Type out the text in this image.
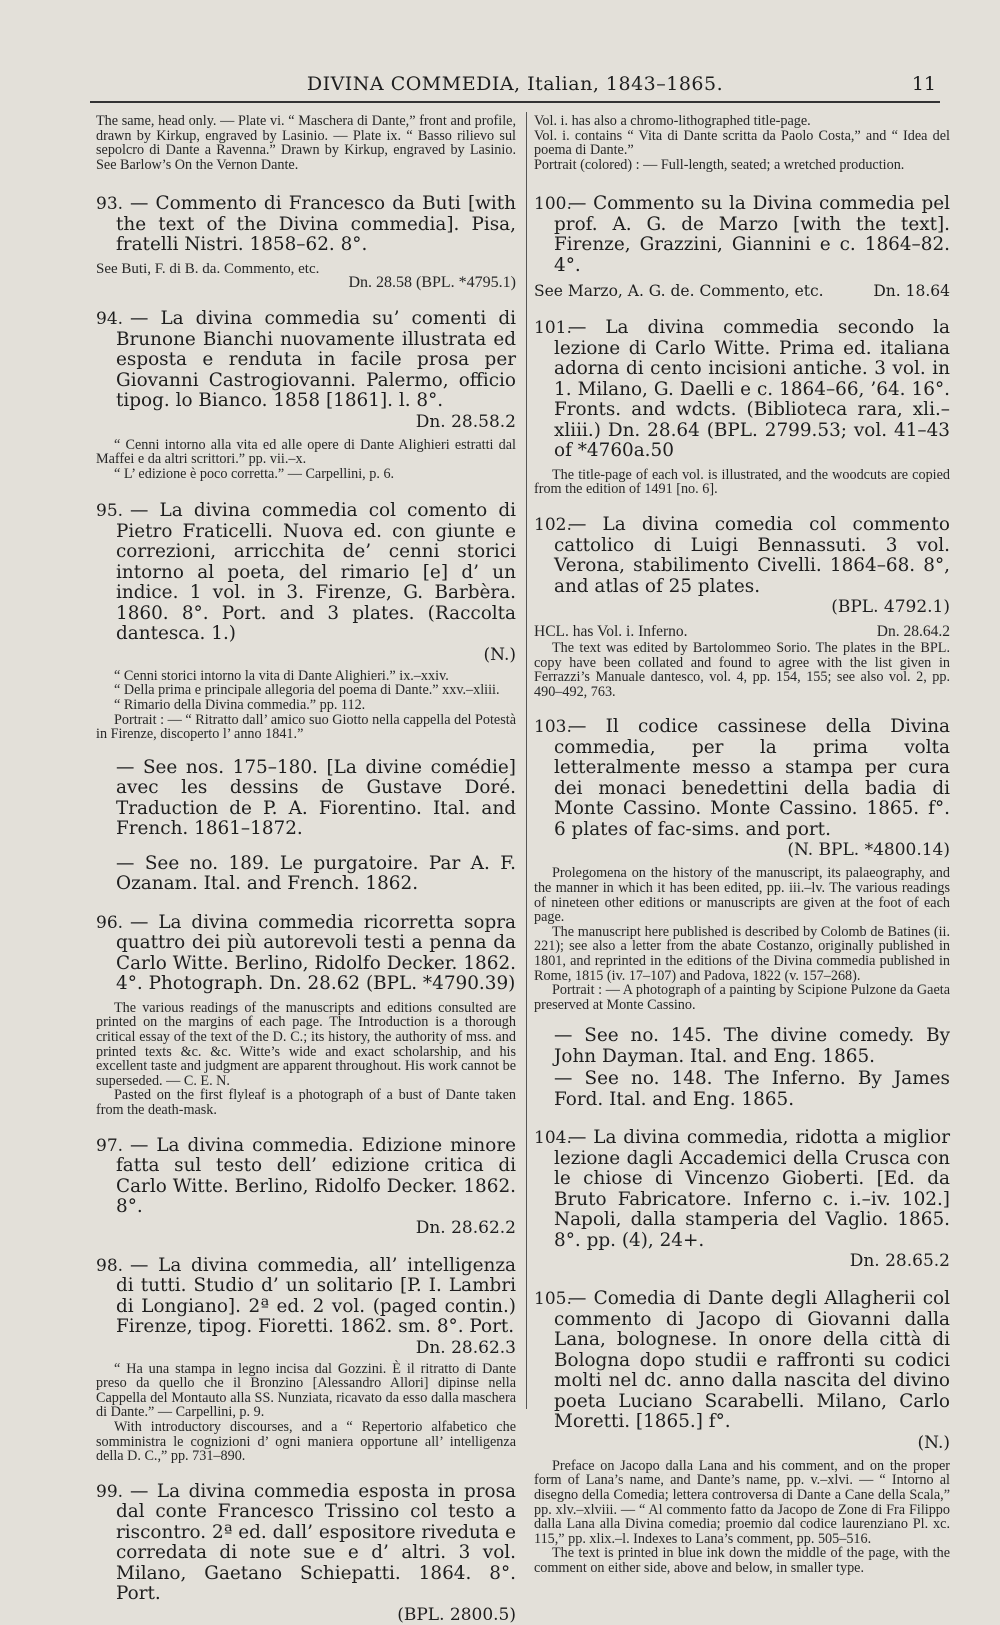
DIVINA COMMEDIA, Italian, 1843–1865.	11

The same, head only. — Plate vi. “ Maschera di Dante,” front and profile, drawn by Kirkup, engraved by Lasinio. — Plate ix. “ Basso rilievo sul sepolcro di Dante a Ravenna.” Drawn by Kirkup, engraved by Lasinio. See Barlow’s On the Vernon Dante.

93. — Commento di Francesco da Buti [with the text of the Divina commedia]. Pisa, fratelli Nistri. 1858–62. 8°.
See Buti, F. di B. da. Commento, etc.
Dn. 28.58 (BPL. *4795.1)
94. — La divina commedia su’ comenti di Brunone Bianchi nuovamente illustrata ed esposta e renduta in facile prosa per Giovanni Castrogiovanni. Palermo, officio tipog. lo Bianco. 1858 [1861]. l. 8°.
Dn. 28.58.2

“ Cenni intorno alla vita ed alle opere di Dante Alighieri estratti dal Maffei e da altri scrittori.” pp. vii.–x.

“ L’ edizione è poco corretta.” — Carpellini, p. 6.

95. — La divina commedia col comento di Pietro Fraticelli. Nuova ed. con giunte e correzioni, arricchita de’ cenni storici intorno al poeta, del rimario [e] d’ un indice. 1 vol. in 3. Firenze, G. Barbèra. 1860. 8°. Port. and 3 plates. (Raccolta dantesca. 1.)
(N.)

“ Cenni storici intorno la vita di Dante Alighieri.” ix.–xxiv.

“ Della prima e principale allegoria del poema di Dante.” xxv.–xliii.

“ Rimario della Divina commedia.” pp. 112.

Portrait : — “ Ritratto dall’ amico suo Giotto nella cappella del Potestà in Firenze, discoperto l’ anno 1841.”

— See nos. 175–180. [La divine comédie] avec les dessins de Gustave Doré. Traduction de P. A. Fiorentino. Ital. and French. 1861–1872.
— See no. 189. Le purgatoire. Par A. F. Ozanam. Ital. and French. 1862.
96. — La divina commedia ricorretta sopra quattro dei più autorevoli testi a penna da Carlo Witte. Berlino, Ridolfo Decker. 1862. 4°. Photograph. Dn. 28.62 (BPL. *4790.39)

The various readings of the manuscripts and editions consulted are printed on the margins of each page. The Introduction is a thorough critical essay of the text of the D. C.; its history, the authority of mss. and printed texts &c. &c. Witte’s wide and exact scholarship, and his excellent taste and judgment are apparent throughout. His work cannot be superseded. — C. E. N.

Pasted on the first flyleaf is a photograph of a bust of Dante taken from the death-mask.

97. — La divina commedia. Edizione minore fatta sul testo dell’ edizione critica di Carlo Witte. Berlino, Ridolfo Decker. 1862. 8°.
Dn. 28.62.2
98. — La divina commedia, all’ intelligenza di tutti. Studio d’ un solitario [P. I. Lambri di Longiano]. 2ª ed. 2 vol. (paged contin.) Firenze, tipog. Fioretti. 1862. sm. 8°. Port.
Dn. 28.62.3

“ Ha una stampa in legno incisa dal Gozzini. È il ritratto di Dante preso da quello che il Bronzino [Alessandro Allori] dipinse nella Cappella del Montauto alla SS. Nunziata, ricavato da esso dalla maschera di Dante.” — Carpellini, p. 9.

With introductory discourses, and a “ Repertorio alfabetico che somministra le cognizioni d’ ogni maniera opportune all’ intelligenza della D. C.,” pp. 731–890.

99. — La divina commedia esposta in prosa dal conte Francesco Trissino col testo a riscontro. 2ª ed. dall’ espositore riveduta e corredata di note sue e d’ altri. 3 vol. Milano, Gaetano Schiepatti. 1864. 8°. Port.
(BPL. 2800.5)

Vol. i. has also a chromo-lithographed title-page.

Vol. i. contains “ Vita di Dante scritta da Paolo Costa,” and “ Idea del poema di Dante.”

Portrait (colored) : — Full-length, seated; a wretched production.

100.— Commento su la Divina commedia pel prof. A. G. de Marzo [with the text]. Firenze, Grazzini, Giannini e c. 1864–82. 4°.
See Marzo, A. G. de. Commento, etc.	Dn. 18.64
101.— La divina commedia secondo la lezione di Carlo Witte. Prima ed. italiana adorna di cento incisioni antiche. 3 vol. in 1. Milano, G. Daelli e c. 1864–66, ’64. 16°. Fronts. and wdcts. (Biblioteca rara, xli.–xliii.) Dn. 28.64 (BPL. 2799.53; vol. 41–43 of *4760a.50

The title-page of each vol. is illustrated, and the woodcuts are copied from the edition of 1491 [no. 6].

102.— La divina comedia col commento cattolico di Luigi Bennassuti. 3 vol. Verona, stabilimento Civelli. 1864–68. 8°, and atlas of 25 plates.
(BPL. 4792.1)
HCL. has Vol. i. Inferno.	Dn. 28.64.2

The text was edited by Bartolommeo Sorio. The plates in the BPL. copy have been collated and found to agree with the list given in Ferrazzi’s Manuale dantesco, vol. 4, pp. 154, 155; see also vol. 2, pp. 490–492, 763.

103.— Il codice cassinese della Divina commedia, per la prima volta letteralmente messo a stampa per cura dei monaci benedettini della badia di Monte Cassino. Monte Cassino. 1865. f°. 6 plates of fac-sims. and port.
(N. BPL. *4800.14)

Prolegomena on the history of the manuscript, its palaeography, and the manner in which it has been edited, pp. iii.–lv. The various readings of nineteen other editions or manuscripts are given at the foot of each page.

The manuscript here published is described by Colomb de Batines (ii. 221); see also a letter from the abate Costanzo, originally published in 1801, and reprinted in the editions of the Divina commedia published in Rome, 1815 (iv. 17–107) and Padova, 1822 (v. 157–268).

Portrait : — A photograph of a painting by Scipione Pulzone da Gaeta preserved at Monte Cassino.

— See no. 145. The divine comedy. By John Dayman. Ital. and Eng. 1865.
— See no. 148. The Inferno. By James Ford. Ital. and Eng. 1865.
104.— La divina commedia, ridotta a miglior lezione dagli Accademici della Crusca con le chiose di Vincenzo Gioberti. [Ed. da Bruto Fabricatore. Inferno c. i.–iv. 102.] Napoli, dalla stamperia del Vaglio. 1865. 8°. pp. (4), 24+.
Dn. 28.65.2
105.— Comedia di Dante degli Allagherii col commento di Jacopo di Giovanni dalla Lana, bolognese. In onore della città di Bologna dopo studii e raffronti su codici molti nel dc. anno dalla nascita del divino poeta Luciano Scarabelli. Milano, Carlo Moretti. [1865.] f°.
(N.)

Preface on Jacopo dalla Lana and his comment, and on the proper form of Lana’s name, and Dante’s name, pp. v.–xlvi. — “ Intorno al disegno della Comedia; lettera controversa di Dante a Cane della Scala,” pp. xlv.–xlviii. — “ Al commento fatto da Jacopo de Zone di Fra Filippo dalla Lana alla Divina comedia; proemio dal codice laurenziano Pl. xc. 115,” pp. xlix.–l. Indexes to Lana’s comment, pp. 505–516.

The text is printed in blue ink down the middle of the page, with the comment on either side, above and below, in smaller type.
